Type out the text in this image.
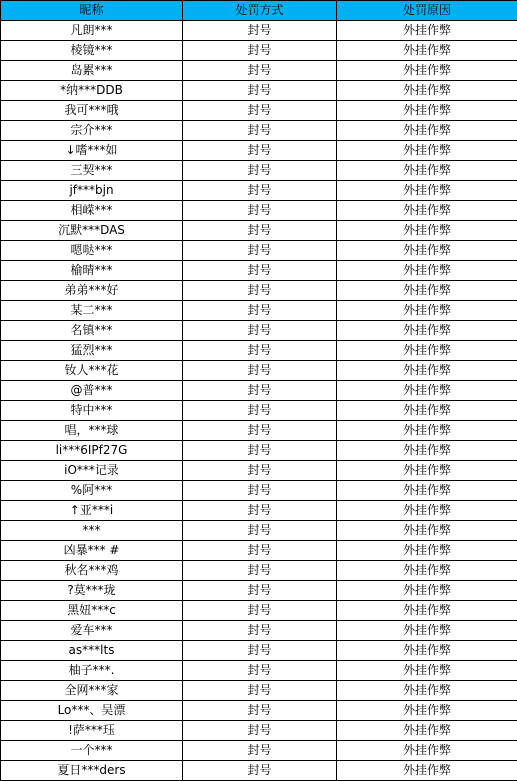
昵称	处罚方式	处罚原因
凡朗***	封号	外挂作弊
棱镜***	封号	外挂作弊
岛累***	封号	外挂作弊
*纳***DDB	封号	外挂作弊
我可***哦	封号	外挂作弊
宗介***	封号	外挂作弊
↓嗜***如	封号	外挂作弊
三契***	封号	外挂作弊
jf***bjn	封号	外挂作弊
相嵘***	封号	外挂作弊
沉默***DAS	封号	外挂作弊
嗯哒***	封号	外挂作弊
榆晴***	封号	外挂作弊
弟弟***好	封号	外挂作弊
某二***	封号	外挂作弊
名镇***	封号	外挂作弊
猛烈***	封号	外挂作弊
钕人***花	封号	外挂作弊
@普***	封号	外挂作弊
特中***	封号	外挂作弊
唱，***球	封号	外挂作弊
li***6IPf27G	封号	外挂作弊
iO***记录	封号	外挂作弊
%阿***	封号	外挂作弊
↑亚***i	封号	外挂作弊
***	封号	外挂作弊
凶暴*** #	封号	外挂作弊
秋名***鸡	封号	外挂作弊
?莫***珑	封号	外挂作弊
黑妞***c	封号	外挂作弊
爱车***	封号	外挂作弊
as***lts	封号	外挂作弊
柚子***.	封号	外挂作弊
全网***家	封号	外挂作弊
Lo***、吴漂	封号	外挂作弊
!萨***珏	封号	外挂作弊
一个***	封号	外挂作弊
夏日***ders	封号	外挂作弊
